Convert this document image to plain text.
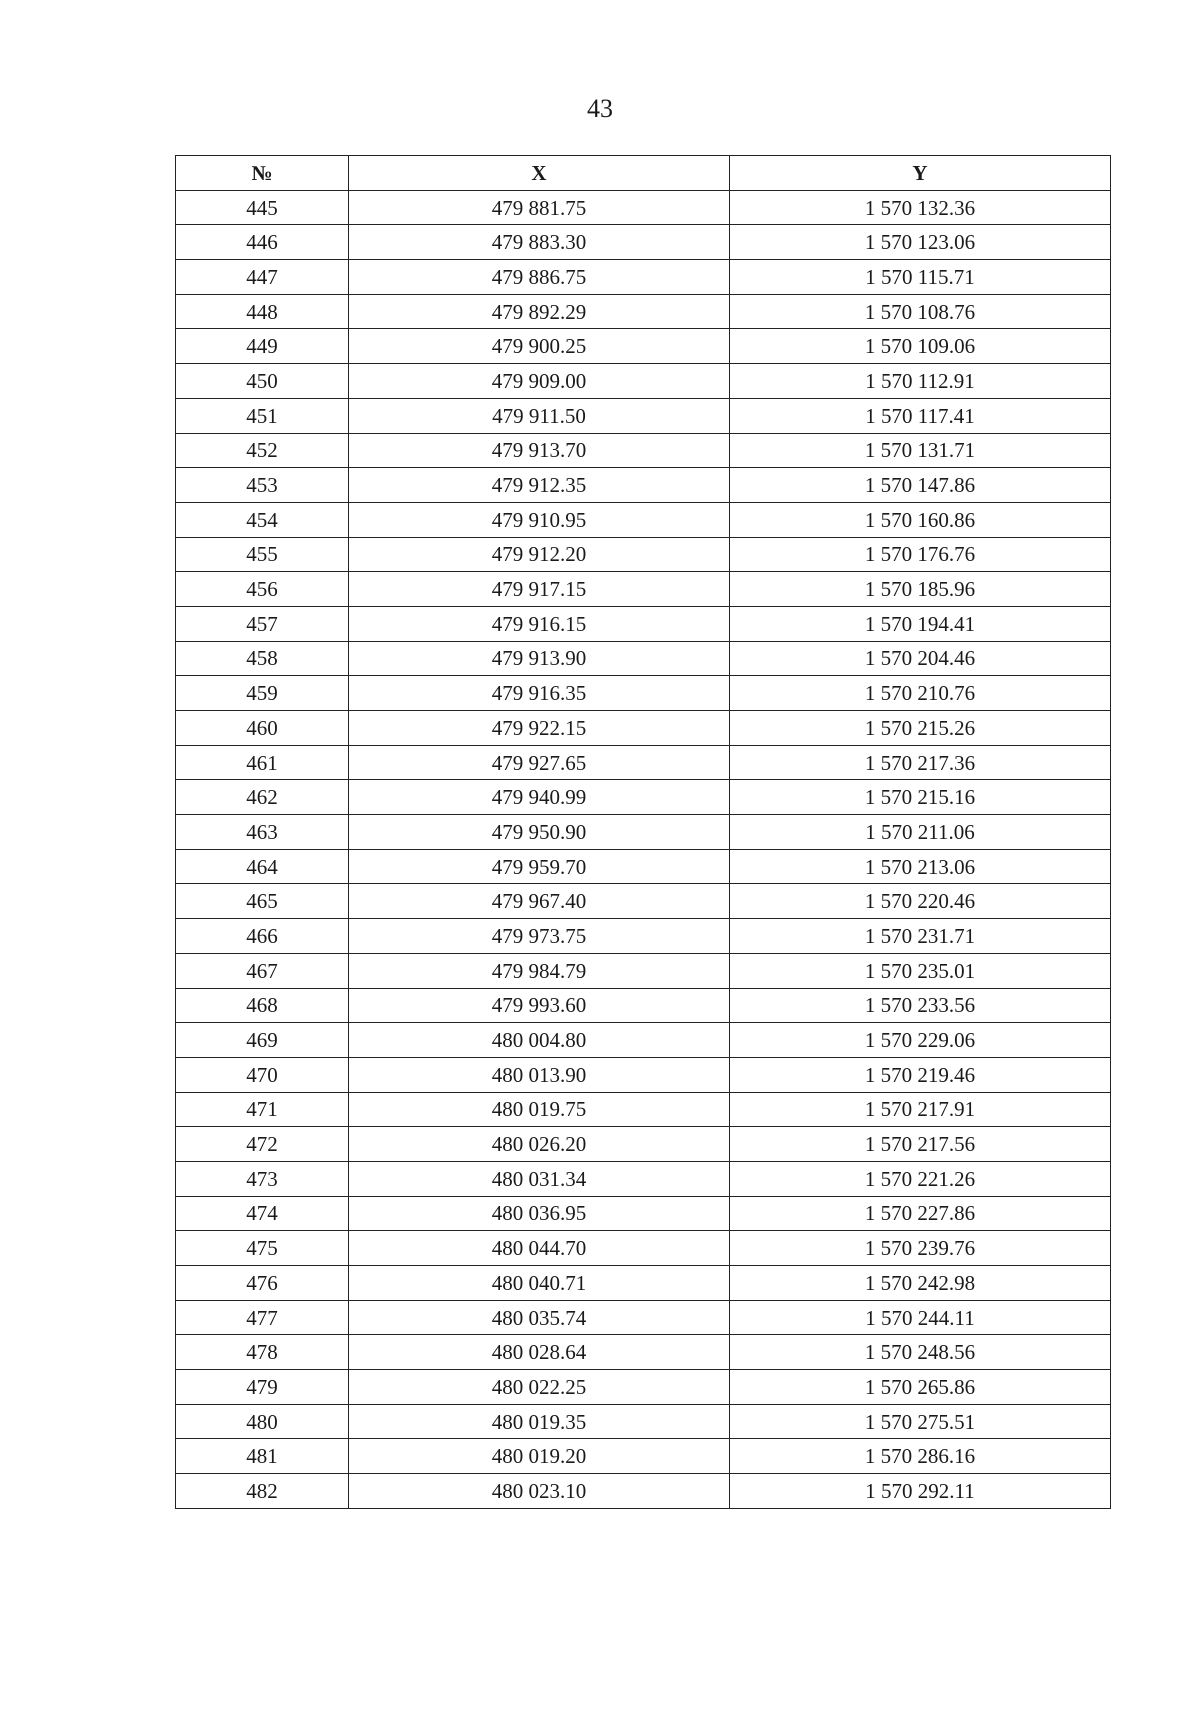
43
№	X	Y
445	479 881.75	1 570 132.36
446	479 883.30	1 570 123.06
447	479 886.75	1 570 115.71
448	479 892.29	1 570 108.76
449	479 900.25	1 570 109.06
450	479 909.00	1 570 112.91
451	479 911.50	1 570 117.41
452	479 913.70	1 570 131.71
453	479 912.35	1 570 147.86
454	479 910.95	1 570 160.86
455	479 912.20	1 570 176.76
456	479 917.15	1 570 185.96
457	479 916.15	1 570 194.41
458	479 913.90	1 570 204.46
459	479 916.35	1 570 210.76
460	479 922.15	1 570 215.26
461	479 927.65	1 570 217.36
462	479 940.99	1 570 215.16
463	479 950.90	1 570 211.06
464	479 959.70	1 570 213.06
465	479 967.40	1 570 220.46
466	479 973.75	1 570 231.71
467	479 984.79	1 570 235.01
468	479 993.60	1 570 233.56
469	480 004.80	1 570 229.06
470	480 013.90	1 570 219.46
471	480 019.75	1 570 217.91
472	480 026.20	1 570 217.56
473	480 031.34	1 570 221.26
474	480 036.95	1 570 227.86
475	480 044.70	1 570 239.76
476	480 040.71	1 570 242.98
477	480 035.74	1 570 244.11
478	480 028.64	1 570 248.56
479	480 022.25	1 570 265.86
480	480 019.35	1 570 275.51
481	480 019.20	1 570 286.16
482	480 023.10	1 570 292.11
